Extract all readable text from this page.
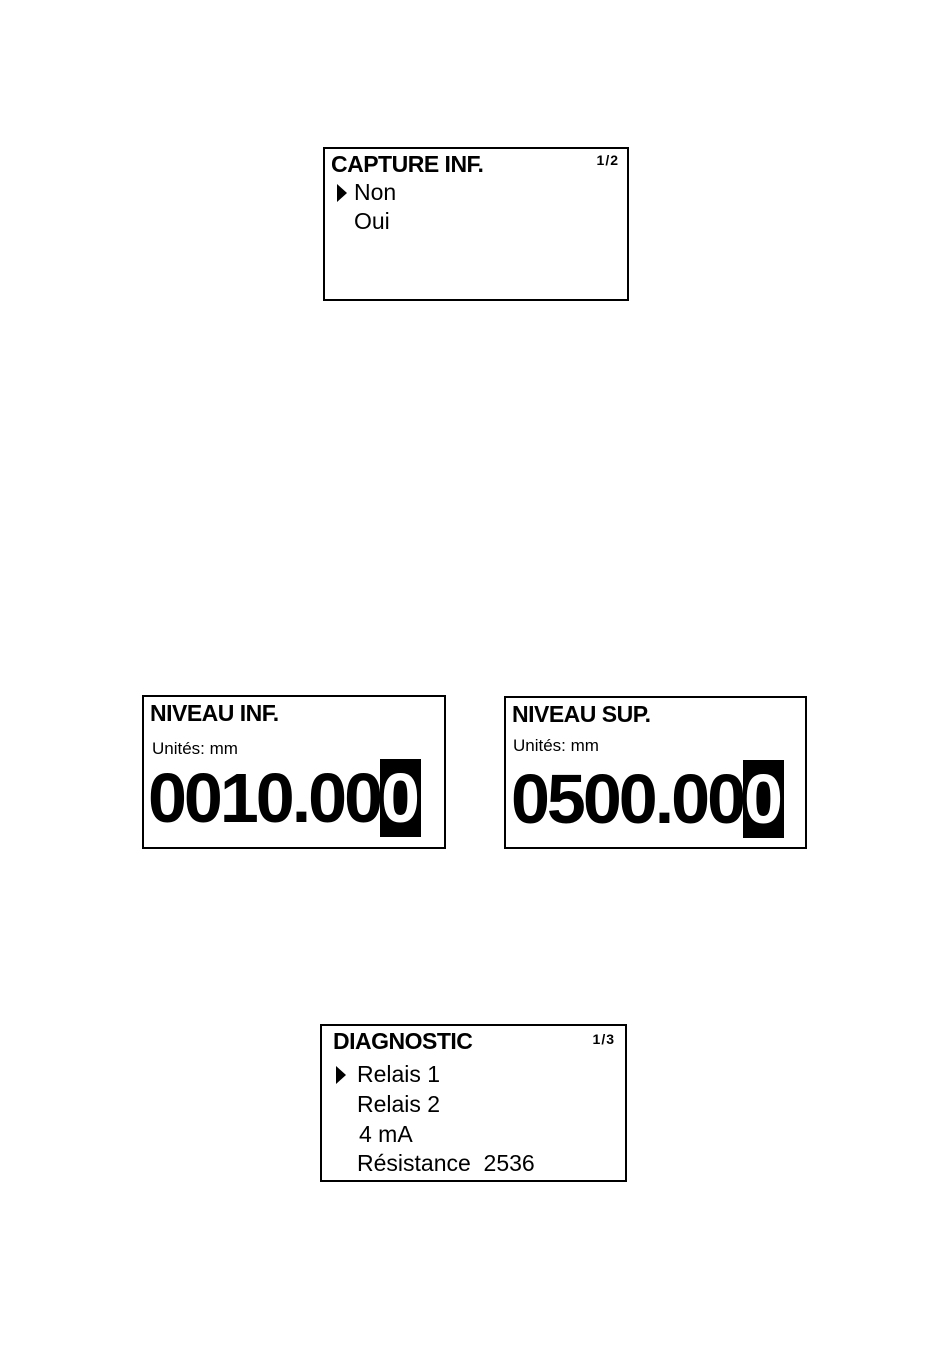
CAPTURE INF.	1/2
Non
Oui
NIVEAU INF.
Unités: mm
0010.000
NIVEAU SUP.
Unités: mm
0500.000
DIAGNOSTIC	1/3
Relais 1
Relais 2
4 mA
Résistance  2536
